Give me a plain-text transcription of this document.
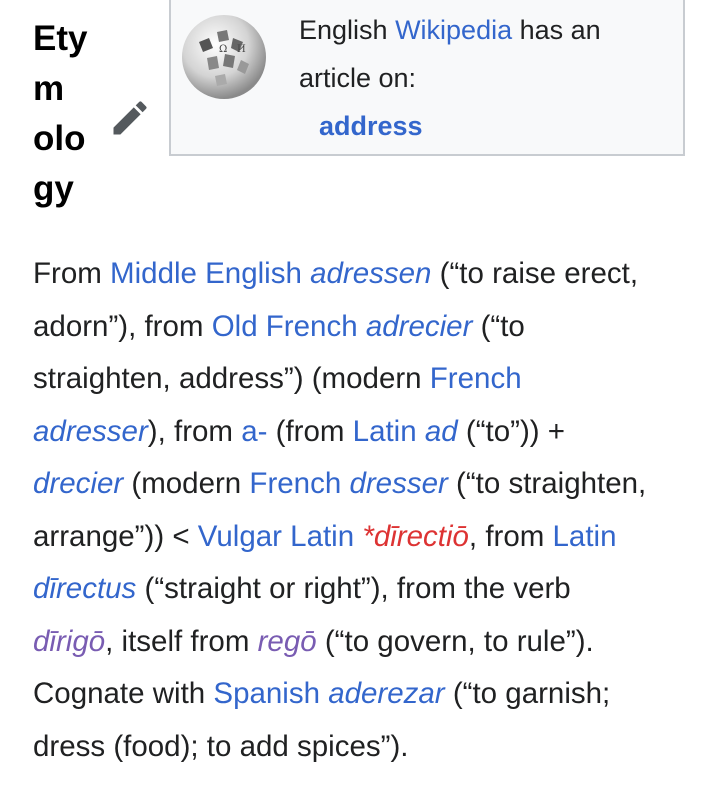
Ety
m
olo
gy
Ω И
English Wikipedia has an
article on:
address
From Middle English adressen (“to raise erect,
adorn”), from Old French adrecier (“to
straighten, address”) (modern French
adresser), from a- (from Latin ad (“to”)) +
drecier (modern French dresser (“to straighten,
arrange”)) < Vulgar Latin *dīrectiō, from Latin
dīrectus (“straight or right”), from the verb
dīrigō, itself from regō (“to govern, to rule”).
Cognate with Spanish aderezar (“to garnish;
dress (food); to add spices”).
